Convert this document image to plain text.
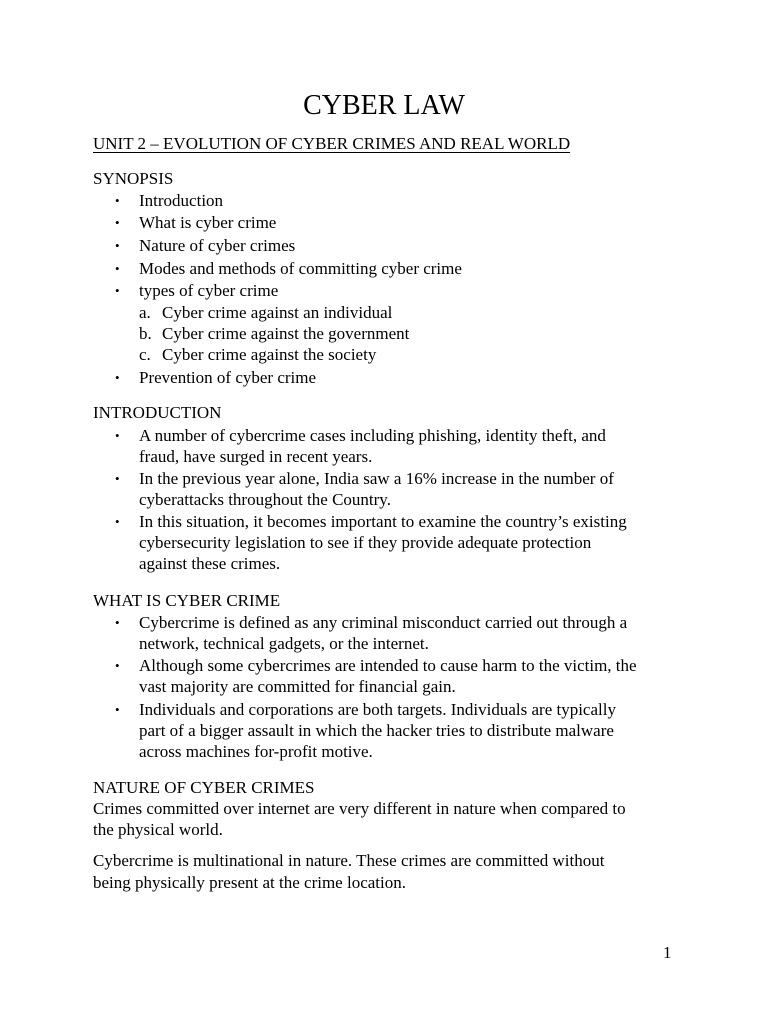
CYBER LAW
UNIT 2 – EVOLUTION OF CYBER CRIMES AND REAL WORLD
SYNOPSIS
• Introduction
• What is cyber crime
• Nature of cyber crimes
• Modes and methods of committing cyber crime
• types of cyber crime
a. Cyber crime against an individual
b. Cyber crime against the government
c. Cyber crime against the society
• Prevention of cyber crime
INTRODUCTION
• A number of cybercrime cases including phishing, identity theft, and
fraud, have surged in recent years.
• In the previous year alone, India saw a 16% increase in the number of
cyberattacks throughout the Country.
• In this situation, it becomes important to examine the country’s existing
cybersecurity legislation to see if they provide adequate protection
against these crimes.
WHAT IS CYBER CRIME
• Cybercrime is defined as any criminal misconduct carried out through a
network, technical gadgets, or the internet.
• Although some cybercrimes are intended to cause harm to the victim, the
vast majority are committed for financial gain.
• Individuals and corporations are both targets. Individuals are typically
part of a bigger assault in which the hacker tries to distribute malware
across machines for-profit motive.
NATURE OF CYBER CRIMES
Crimes committed over internet are very different in nature when compared to
the physical world.
Cybercrime is multinational in nature. These crimes are committed without
being physically present at the crime location.
1
